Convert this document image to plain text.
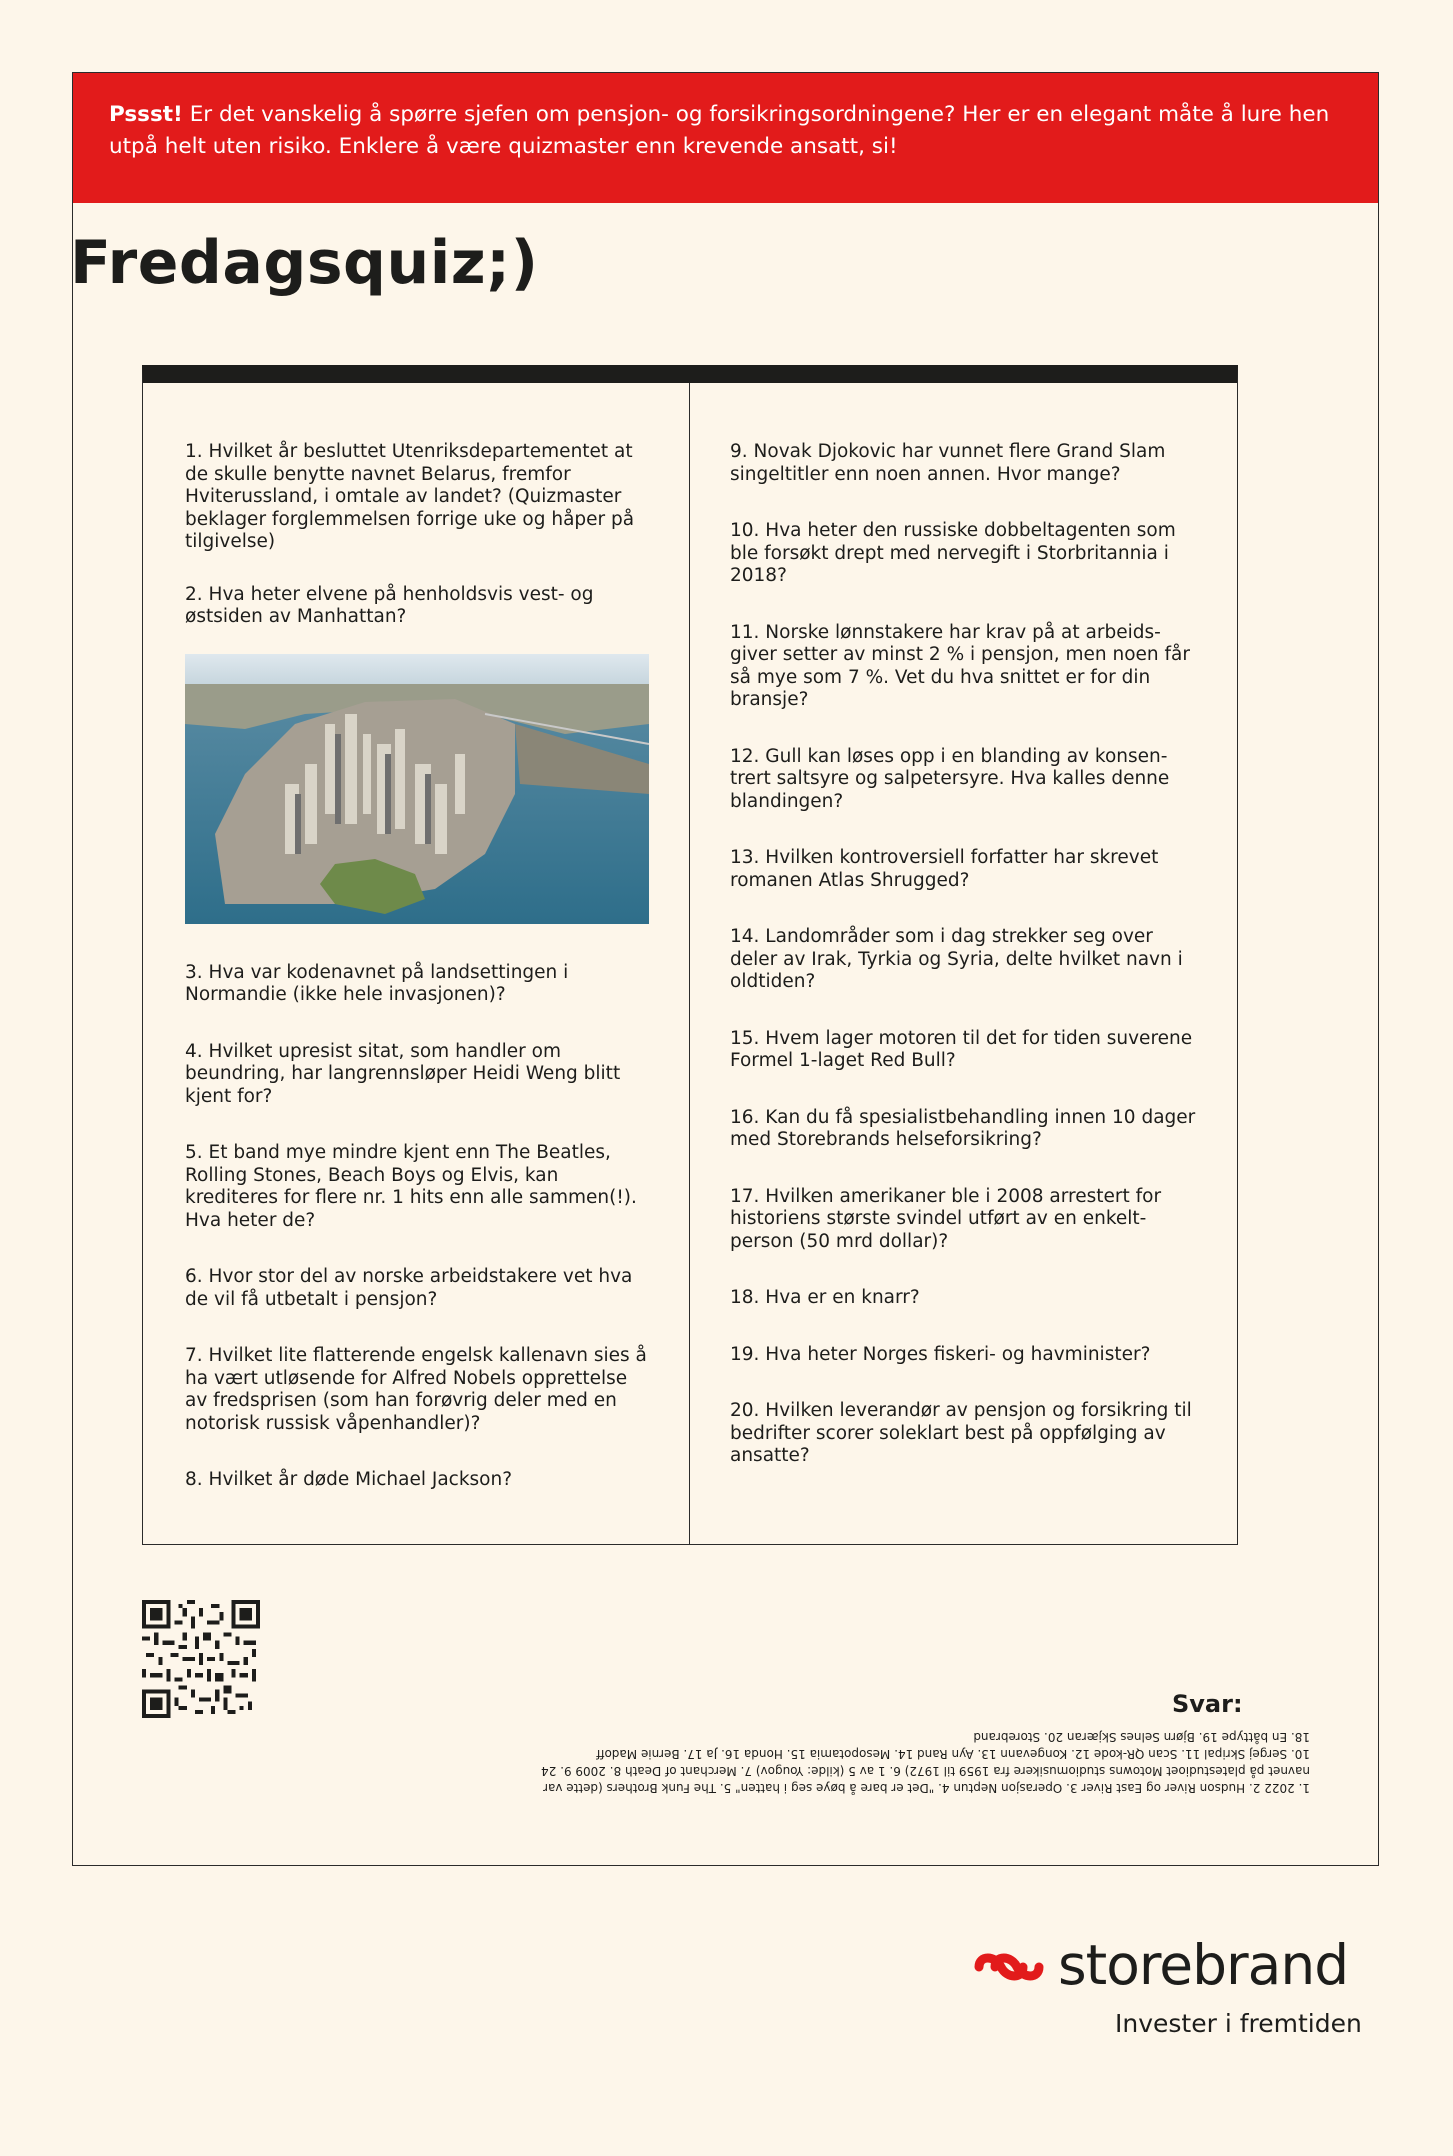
Pssst! Er det vanskelig å spørre sjefen om pensjon- og forsikringsordningene? Her er en elegant måte å lure hen utpå helt uten risiko. Enklere å være quizmaster enn krevende ansatt, si!
Fredagsquiz;)

1. Hvilket år besluttet Utenriksdepartementet at de skulle benytte navnet Belarus, fremfor Hviterussland, i omtale av landet? (Quizmaster beklager forglemmelsen forrige uke og håper på tilgivelse)

2. Hva heter elvene på henholdsvis vest- og østsiden av Manhattan?

3. Hva var kodenavnet på landsettingen i Normandie (ikke hele invasjonen)?

4. Hvilket upresist sitat, som handler om beundring, har langrennsløper Heidi Weng blitt kjent for?

5. Et band mye mindre kjent enn The Beatles, Rolling Stones, Beach Boys og Elvis, kan krediteres for flere nr. 1 hits enn alle sammen(!). Hva heter de?

6. Hvor stor del av norske arbeidstakere vet hva de vil få utbetalt i pensjon?

7. Hvilket lite flatterende engelsk kallenavn sies å ha vært utløsende for Alfred Nobels opprettelse av fredsprisen (som han forøvrig deler med en notorisk russisk våpenhandler)?

8. Hvilket år døde Michael Jackson?

9. Novak Djokovic har vunnet flere Grand Slam singeltitler enn noen annen. Hvor mange?

10. Hva heter den russiske dobbeltagenten som ble forsøkt drept med nervegift i Storbritannia i 2018?

11. Norske lønnstakere har krav på at arbeids-giver setter av minst 2 % i pensjon, men noen får så mye som 7 %. Vet du hva snittet er for din bransje?

12. Gull kan løses opp i en blanding av konsen-trert saltsyre og salpetersyre. Hva kalles denne blandingen?

13. Hvilken kontroversiell forfatter har skrevet romanen Atlas Shrugged?

14. Landområder som i dag strekker seg over deler av Irak, Tyrkia og Syria, delte hvilket navn i oldtiden?

15. Hvem lager motoren til det for tiden suverene Formel 1-laget Red Bull?

16. Kan du få spesialistbehandling innen 10 dager med Storebrands helseforsikring?

17. Hvilken amerikaner ble i 2008 arrestert for historiens største svindel utført av en enkelt-person (50 mrd dollar)?

18. Hva er en knarr?

19. Hva heter Norges fiskeri- og havminister?

20. Hvilken leverandør av pensjon og forsikring til bedrifter scorer soleklart best på oppfølging av ansatte?

Svar:

1. 2022 2. Hudson River og East River 3. Operasjon Neptun 4. "Det er bare å bøye seg i hatten" 5. The Funk Brothers (dette var

navnet på platestudioet Motowns studiomusikere fra 1959 til 1972) 6. 1 av 5 (kilde: Yougov) 7. Merchant of Death 8. 2009 9. 24

10. Sergej Skripal 11. Scan QR-kode 12. Kongevann 13. Ayn Rand 14. Mesopotamia 15. Honda 16. Ja 17. Bernie Madoff

18. En båttype 19. Bjørn Selnes Skjæran 20. Storebrand

storebrand
Invester i fremtiden
